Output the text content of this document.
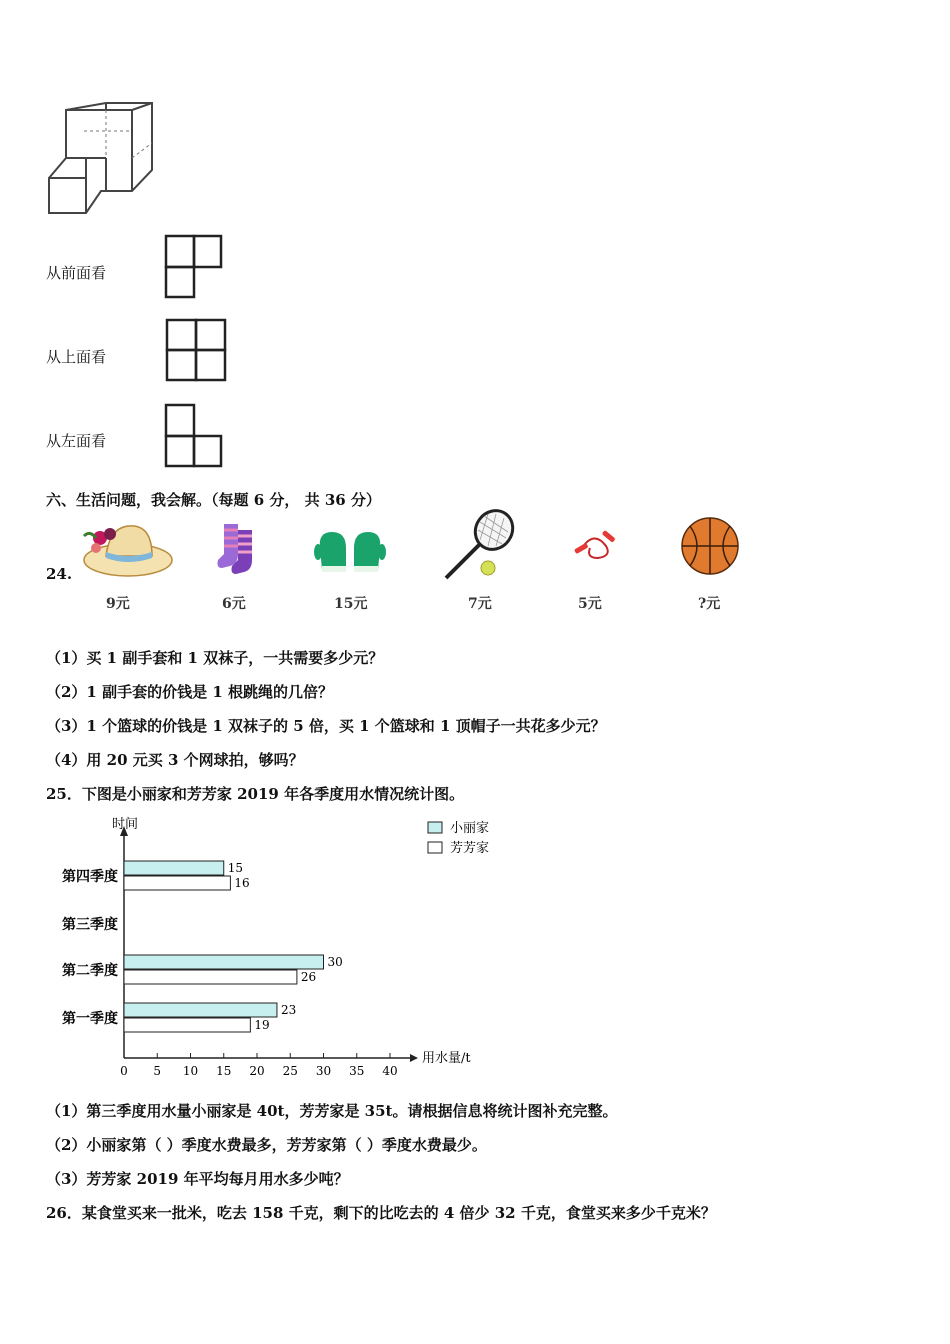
从前面看
从上面看
从左面看
六、生活问题，我会解。（每题 6 分， 共 36 分）
24.
9元	6元	15元	7元	5元	?元
（1）买 1 副手套和 1 双袜子，一共需要多少元？
（2）1 副手套的价钱是 1 根跳绳的几倍？
（3）1 个篮球的价钱是 1 双袜子的 5 倍，买 1 个篮球和 1 顶帽子一共花多少元？
（4）用 20 元买 3 个网球拍，够吗？
25．下图是小丽家和芳芳家 2019 年各季度用水情况统计图。
时间
用水量/t
0 5 10 15 20 25 30 35 40
第四季度
15
16
第三季度
第二季度
30
26
第一季度
23
19
小丽家
芳芳家
（1）第三季度用水量小丽家是 40t，芳芳家是 35t。请根据信息将统计图补充完整。
（2）小丽家第（ ）季度水费最多，芳芳家第（ ）季度水费最少。
（3）芳芳家 2019 年平均每月用水多少吨？
26．某食堂买来一批米，吃去 158 千克，剩下的比吃去的 4 倍少 32 千克，食堂买来多少千克米？
